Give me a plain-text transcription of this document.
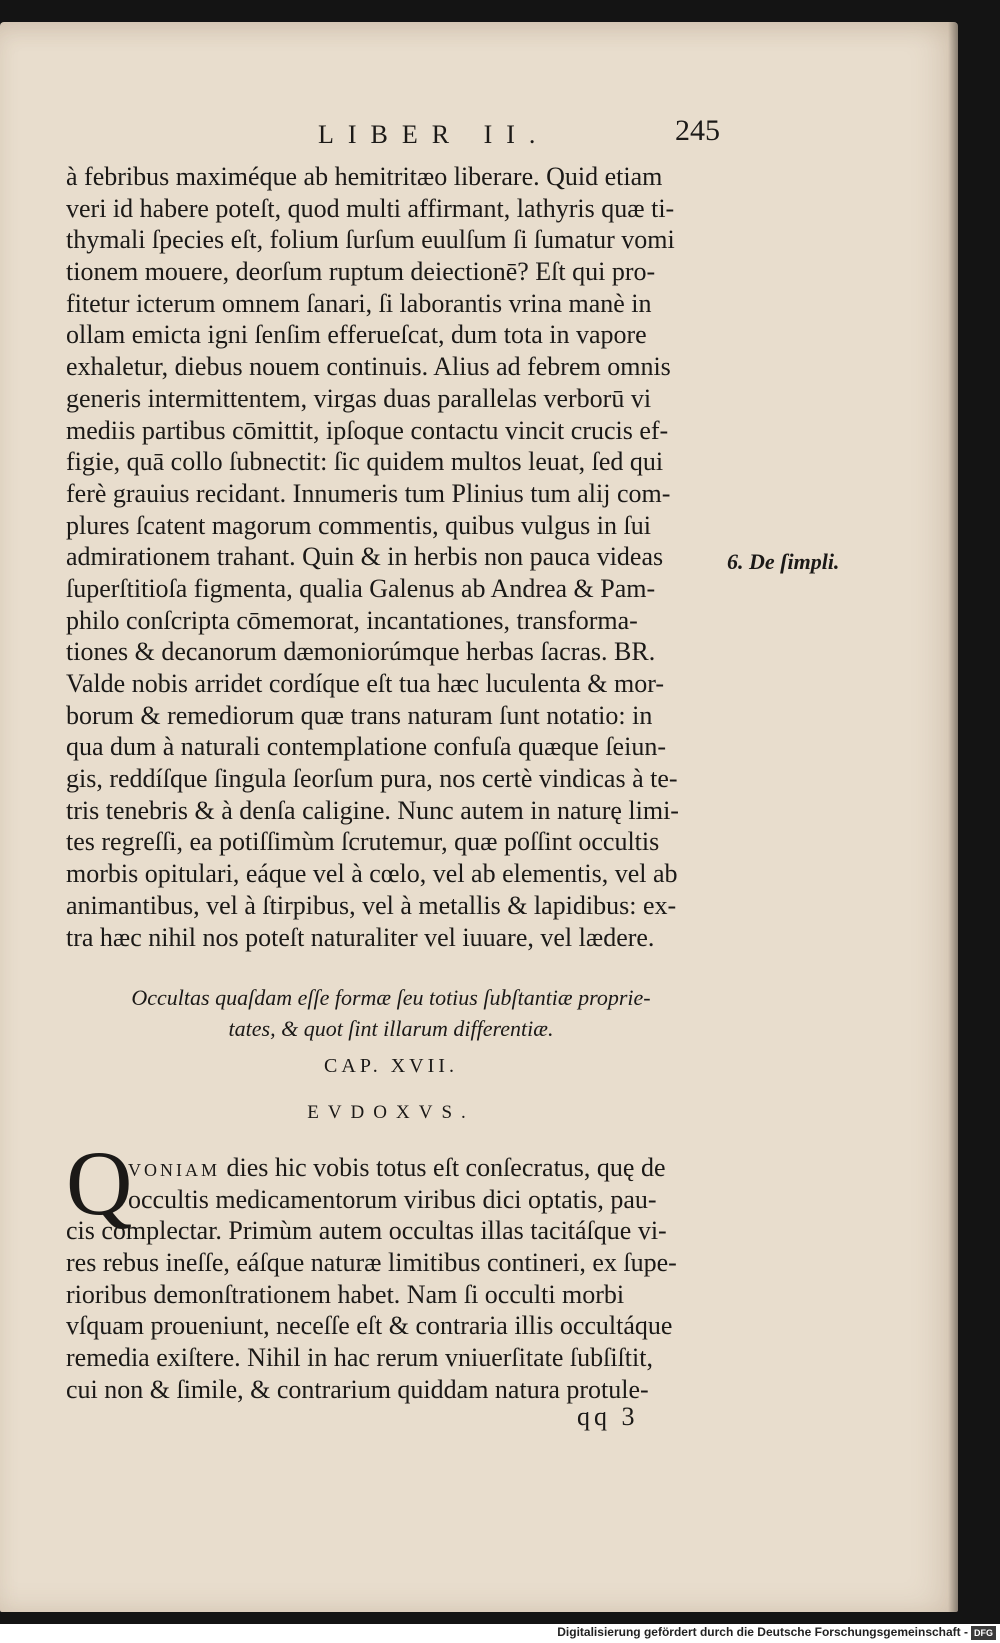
LIBER II.	245
à febribus maximéque ab hemitritæo liberare. Quid etiam
veri id habere poteſt, quod multi affirmant, lathyris quæ ti-
thymali ſpecies eſt, folium ſurſum euulſum ſi ſumatur vomi
tionem mouere, deorſum ruptum deiectionē? Eſt qui pro-
fitetur icterum omnem ſanari, ſi laborantis vrina manè in
ollam emicta igni ſenſim efferueſcat, dum tota in vapore
exhaletur, diebus nouem continuis. Alius ad febrem omnis
generis intermittentem, virgas duas parallelas verborū vi
mediis partibus cōmittit, ipſoque contactu vincit crucis ef-
figie, quā collo ſubnectit: ſic quidem multos leuat, ſed qui
ferè grauius recidant. Innumeris tum Plinius tum alij com-
plures ſcatent magorum commentis, quibus vulgus in ſui
admirationem trahant. Quin & in herbis non pauca videas
ſuperſtitioſa figmenta, qualia Galenus ab Andrea & Pam-
philo conſcripta cōmemorat, incantationes, transforma-
tiones & decanorum dæmoniorúmque herbas ſacras. BR.
Valde nobis arridet cordíque eſt tua hæc luculenta & mor-
borum & remediorum quæ trans naturam ſunt notatio: in
qua dum à naturali contemplatione confuſa quæque ſeiun-
gis, reddíſque ſingula ſeorſum pura, nos certè vindicas à te-
tris tenebris & à denſa caligine. Nunc autem in naturę limi-
tes regreſſi, ea potiſſimùm ſcrutemur, quæ poſſint occultis
morbis opitulari, eáque vel à cœlo, vel ab elementis, vel ab
animantibus, vel à ſtirpibus, vel à metallis & lapidibus: ex-
tra hæc nihil nos poteſt naturaliter vel iuuare, vel lædere.
6. De ſimpli.
Occultas quaſdam eſſe formæ ſeu totius ſubſtantiæ proprie-
tates, & quot ſint illarum differentiæ.
CAP. XVII.
EVDOXVS.
Q
VONIAM dies hic vobis totus eſt conſecratus, quę de
occultis medicamentorum viribus dici optatis, pau-
cis complectar. Primùm autem occultas illas tacitáſque vi-
res rebus ineſſe, eáſque naturæ limitibus contineri, ex ſupe-
rioribus demonſtrationem habet. Nam ſi occulti morbi
vſquam proueniunt, neceſſe eſt & contraria illis occultáque
remedia exiſtere. Nihil in hac rerum vniuerſitate ſubſiſtit,
cui non & ſimile, & contrarium quiddam natura protule-
qq 3
Digitalisierung gefördert durch die Deutsche Forschungsgemeinschaft - DFG
